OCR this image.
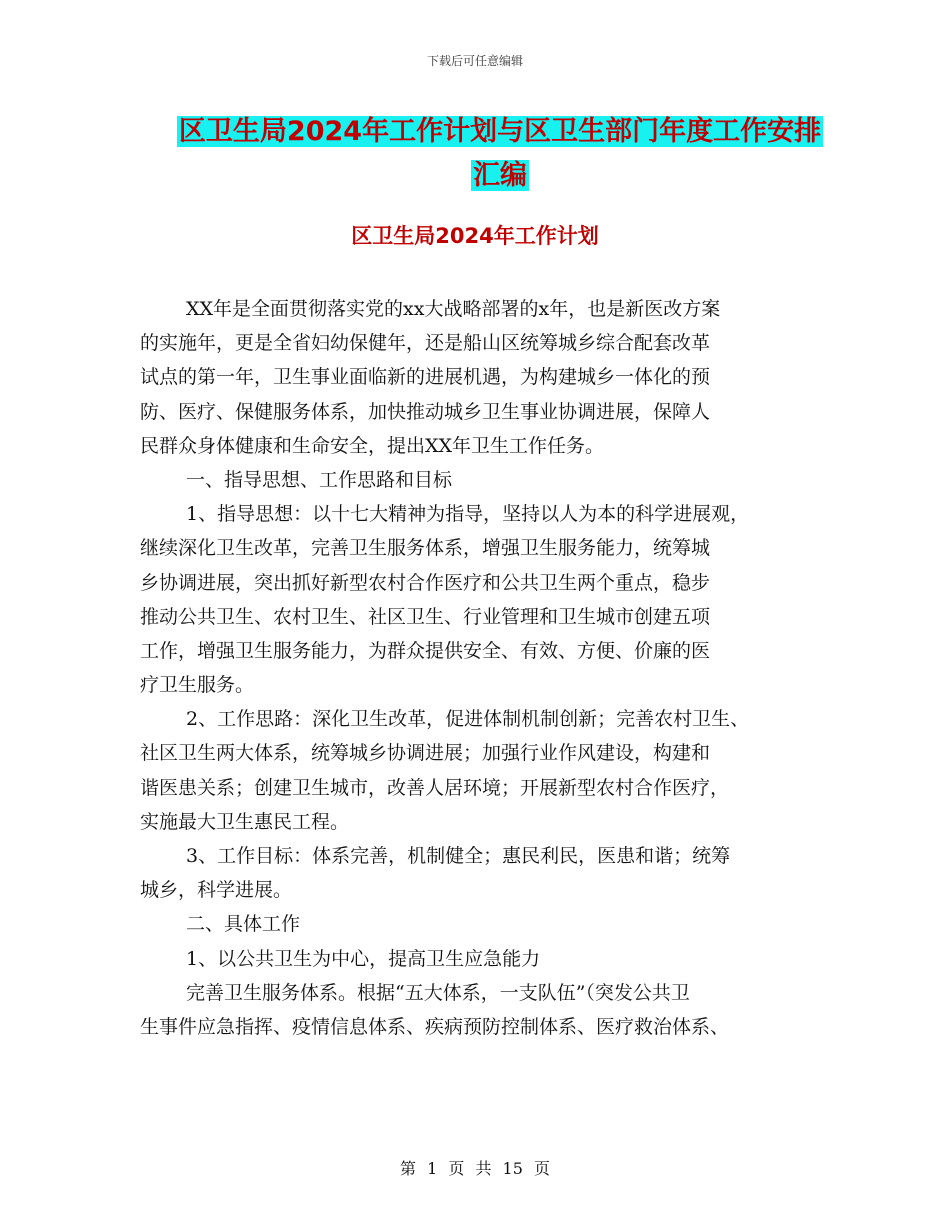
下载后可任意编辑
区卫生局2024年工作计划与区卫生部门年度工作安排
汇编
区卫生局2024年工作计划
XX年是全面贯彻落实党的xx大战略部署的x年，也是新医改方案
的实施年，更是全省妇幼保健年，还是船山区统筹城乡综合配套改革
试点的第一年，卫生事业面临新的进展机遇，为构建城乡一体化的预
防、医疗、保健服务体系，加快推动城乡卫生事业协调进展，保障人
民群众身体健康和生命安全，提出XX年卫生工作任务。
一、指导思想、工作思路和目标
1、指导思想：以十七大精神为指导，坚持以人为本的科学进展观，
继续深化卫生改革，完善卫生服务体系，增强卫生服务能力，统筹城
乡协调进展，突出抓好新型农村合作医疗和公共卫生两个重点，稳步
推动公共卫生、农村卫生、社区卫生、行业管理和卫生城市创建五项
工作，增强卫生服务能力，为群众提供安全、有效、方便、价廉的医
疗卫生服务。
2、工作思路：深化卫生改革，促进体制机制创新；完善农村卫生、
社区卫生两大体系，统筹城乡协调进展；加强行业作风建设，构建和
谐医患关系；创建卫生城市，改善人居环境；开展新型农村合作医疗，
实施最大卫生惠民工程。
3、工作目标：体系完善，机制健全；惠民利民，医患和谐；统筹
城乡，科学进展。
二、具体工作
1、以公共卫生为中心，提高卫生应急能力
完善卫生服务体系。根据“五大体系，一支队伍”（突发公共卫
生事件应急指挥、疫情信息体系、疾病预防控制体系、医疗救治体系、
第 1 页 共 15 页
